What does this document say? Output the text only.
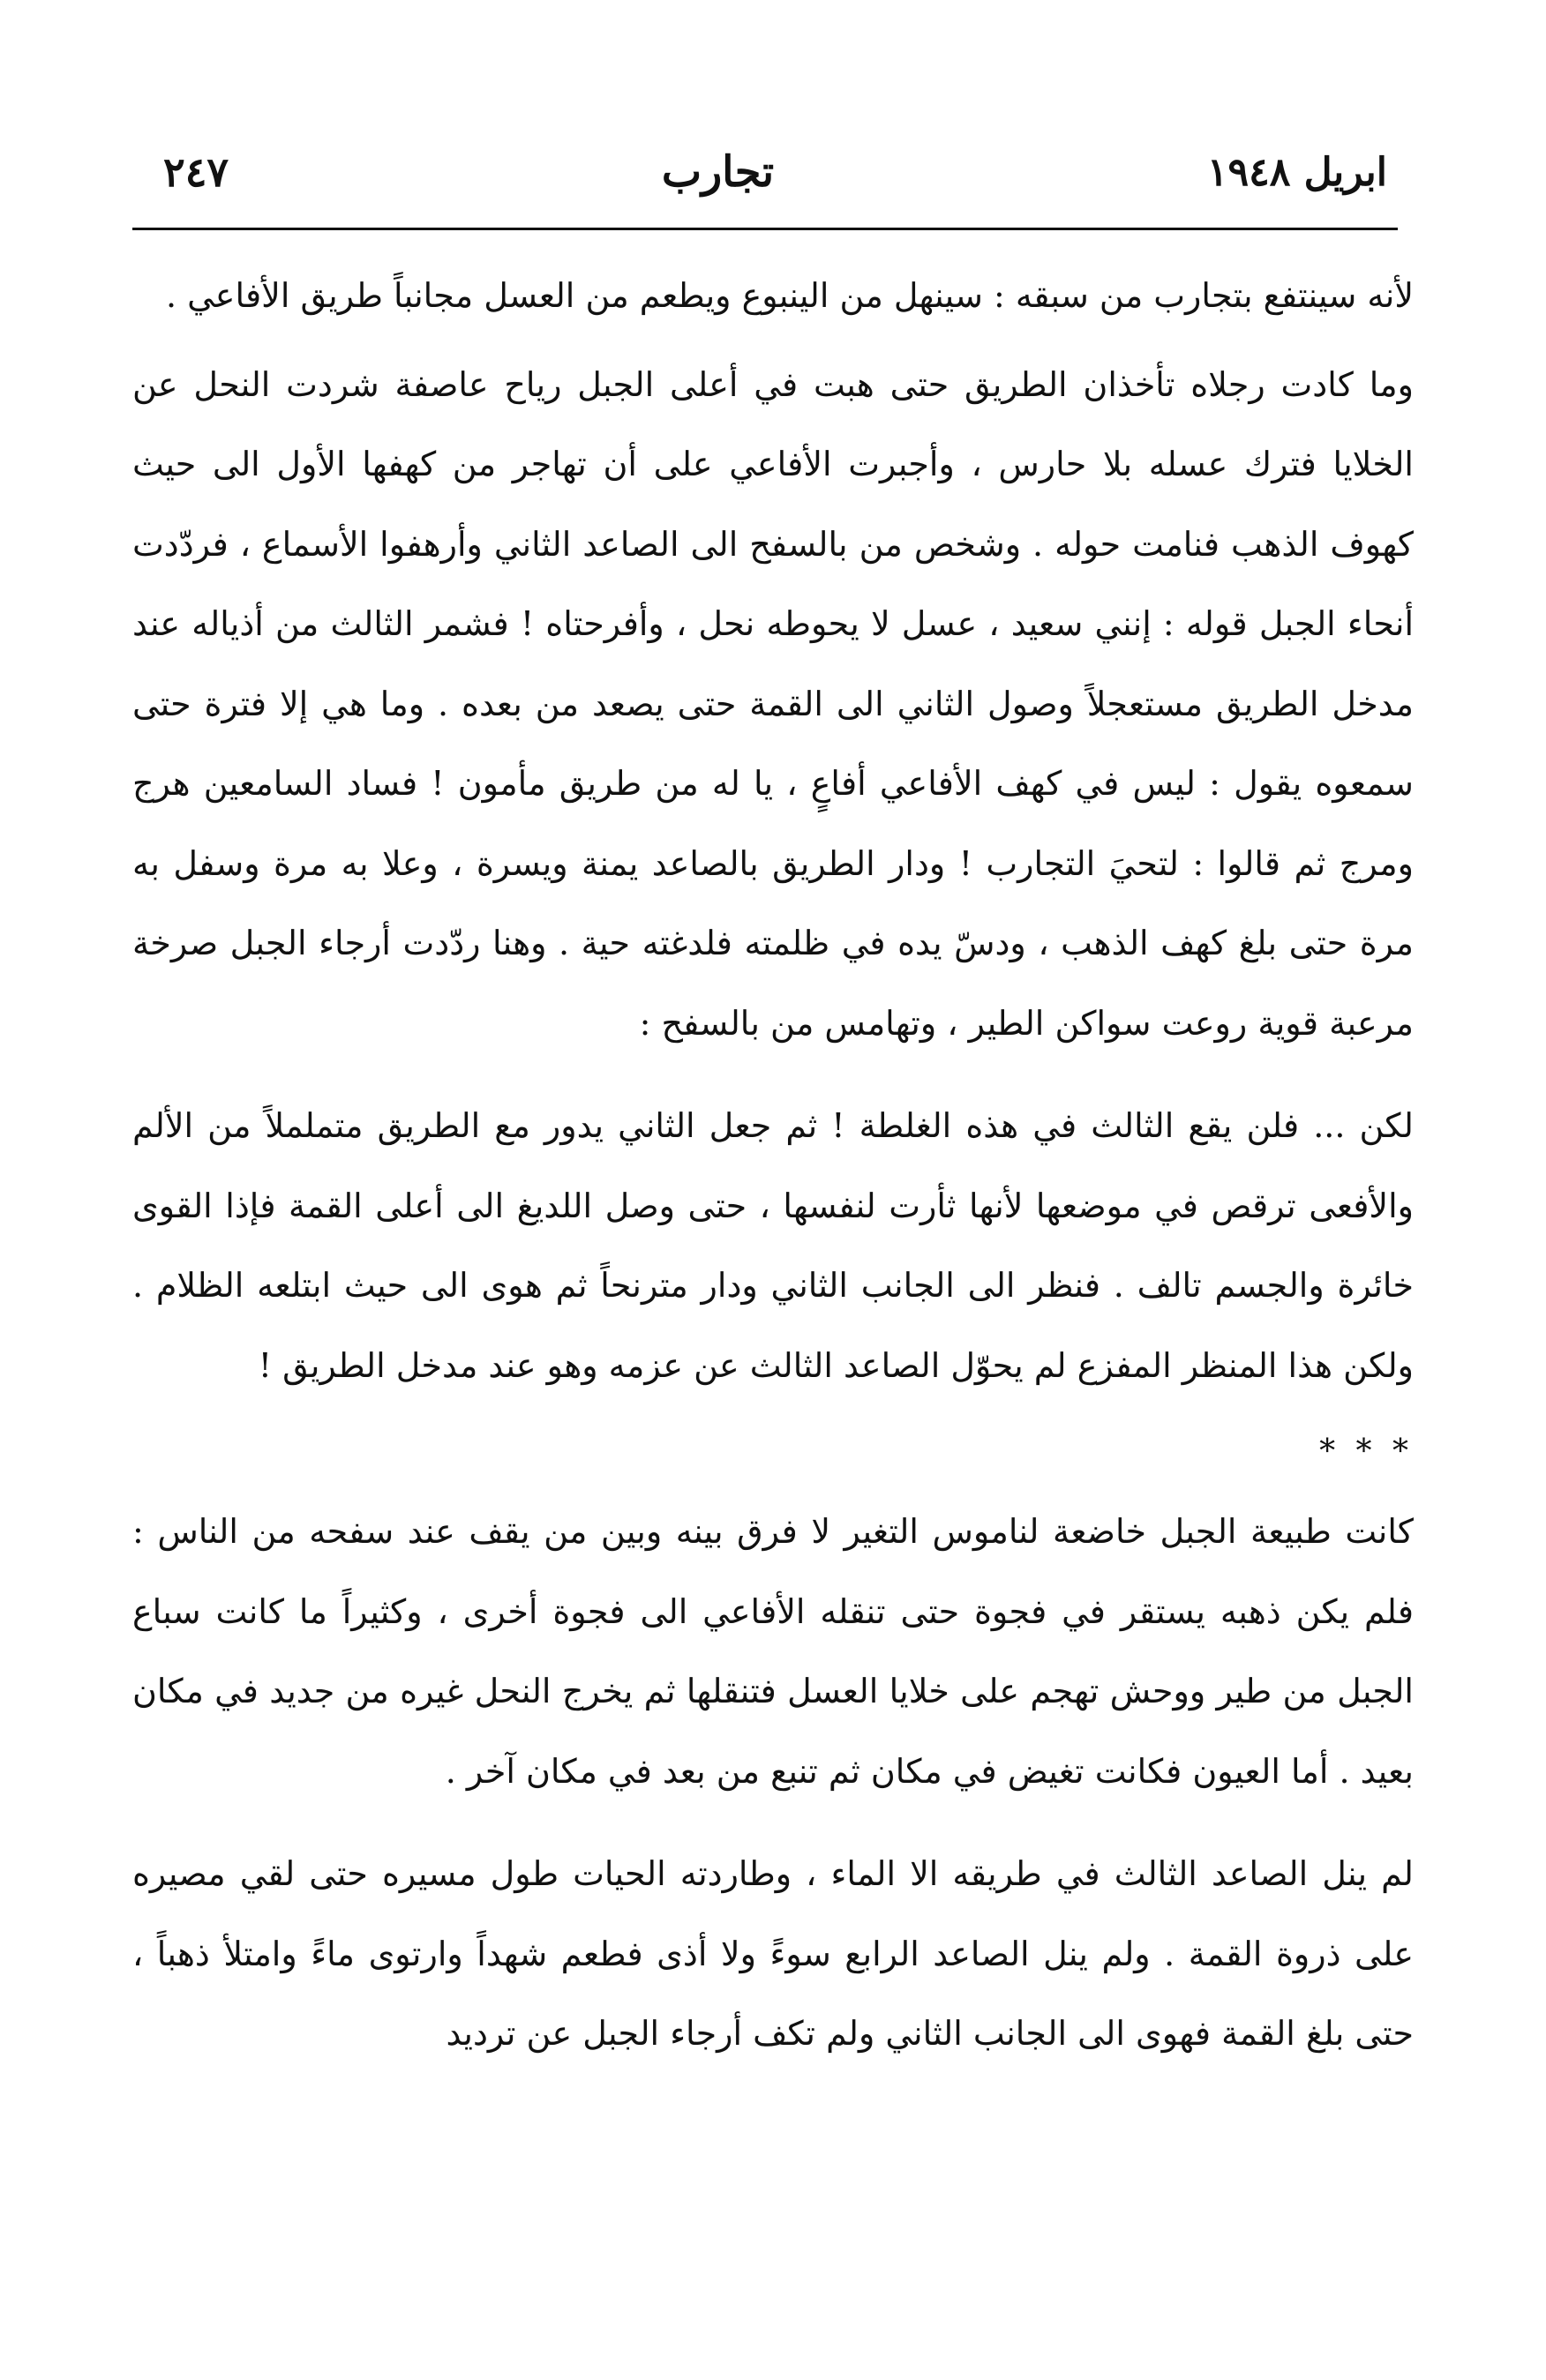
ابريل ١٩٤٨
تجارب
٢٤٧

لأنه سينتفع بتجارب من سبقه : سينهل من الينبوع ويطعم من العسل مجانباً طريق الأفاعي .

وما كادت رجلاه تأخذان الطريق حتى هبت في أعلى الجبل رياح عاصفة شردت النحل عن الخلايا فترك عسله بلا حارس ، وأجبرت الأفاعي على أن تهاجر من كهفها الأول الى حيث كهوف الذهب فنامت حوله . وشخص من بالسفح الى الصاعد الثاني وأرهفوا الأسماع ، فردّدت أنحاء الجبل قوله : إنني سعيد ، عسل لا يحوطه نحل ، وأفرحتاه ! فشمر الثالث من أذياله عند مدخل الطريق مستعجلاً وصول الثاني الى القمة حتى يصعد من بعده . وما هي إلا فترة حتى سمعوه يقول : ليس في كهف الأفاعي أفاعٍ ، يا له من طريق مأمون ! فساد السامعين هرج ومرج ثم قالوا : لتحيَ التجارب ! ودار الطريق بالصاعد يمنة ويسرة ، وعلا به مرة وسفل به مرة حتى بلغ كهف الذهب ، ودسّ يده في ظلمته فلدغته حية . وهنا ردّدت أرجاء الجبل صرخة مرعبة قوية روعت سواكن الطير ، وتهامس من بالسفح :

لكن ... فلن يقع الثالث في هذه الغلطة ! ثم جعل الثاني يدور مع الطريق متململاً من الألم والأفعى ترقص في موضعها لأنها ثأرت لنفسها ، حتى وصل اللديغ الى أعلى القمة فإذا القوى خائرة والجسم تالف . فنظر الى الجانب الثاني ودار مترنحاً ثم هوى الى حيث ابتلعه الظلام . ولكن هذا المنظر المفزع لم يحوّل الصاعد الثالث عن عزمه وهو عند مدخل الطريق !

* * *

كانت طبيعة الجبل خاضعة لناموس التغير لا فرق بينه وبين من يقف عند سفحه من الناس : فلم يكن ذهبه يستقر في فجوة حتى تنقله الأفاعي الى فجوة أخرى ، وكثيراً ما كانت سباع الجبل من طير ووحش تهجم على خلايا العسل فتنقلها ثم يخرج النحل غيره من جديد في مكان بعيد . أما العيون فكانت تغيض في مكان ثم تنبع من بعد في مكان آخر .

لم ينل الصاعد الثالث في طريقه الا الماء ، وطاردته الحيات طول مسيره حتى لقي مصيره على ذروة القمة . ولم ينل الصاعد الرابع سوءً ولا أذى فطعم شهداً وارتوى ماءً وامتلأ ذهباً ، حتى بلغ القمة فهوى الى الجانب الثاني ولم تكف أرجاء الجبل عن ترديد
